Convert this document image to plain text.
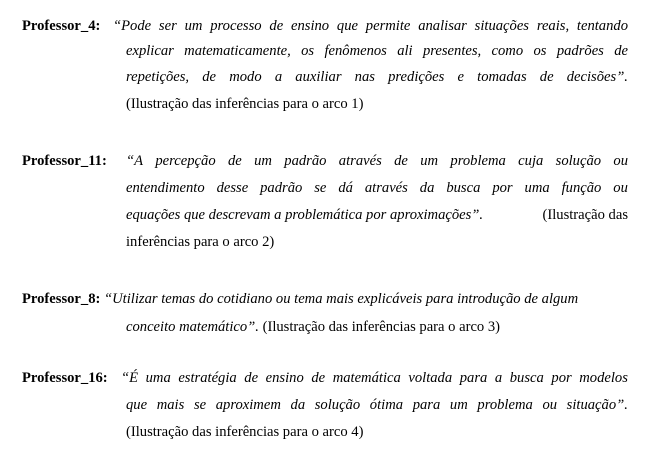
Professor_4: “Pode ser um processo de ensino que permite analisar situações reais, tentando
explicar matematicamente, os fenômenos ali presentes, como os padrões de
repetições, de modo a auxiliar nas predições e tomadas de decisões”.
(Ilustração das inferências para o arco 1)
Professor_11: “A percepção de um padrão através de um problema cuja solução ou
entendimento desse padrão se dá através da busca por uma função ou
equações que descrevam a problemática por aproximações”.	(Ilustração das
inferências para o arco 2)
Professor_8: “Utilizar temas do cotidiano ou tema mais explicáveis para introdução de algum
conceito matemático”. (Ilustração das inferências para o arco 3)
Professor_16: “É uma estratégia de ensino de matemática voltada para a busca por modelos
que mais se aproximem da solução ótima para um problema ou situação”.
(Ilustração das inferências para o arco 4)
